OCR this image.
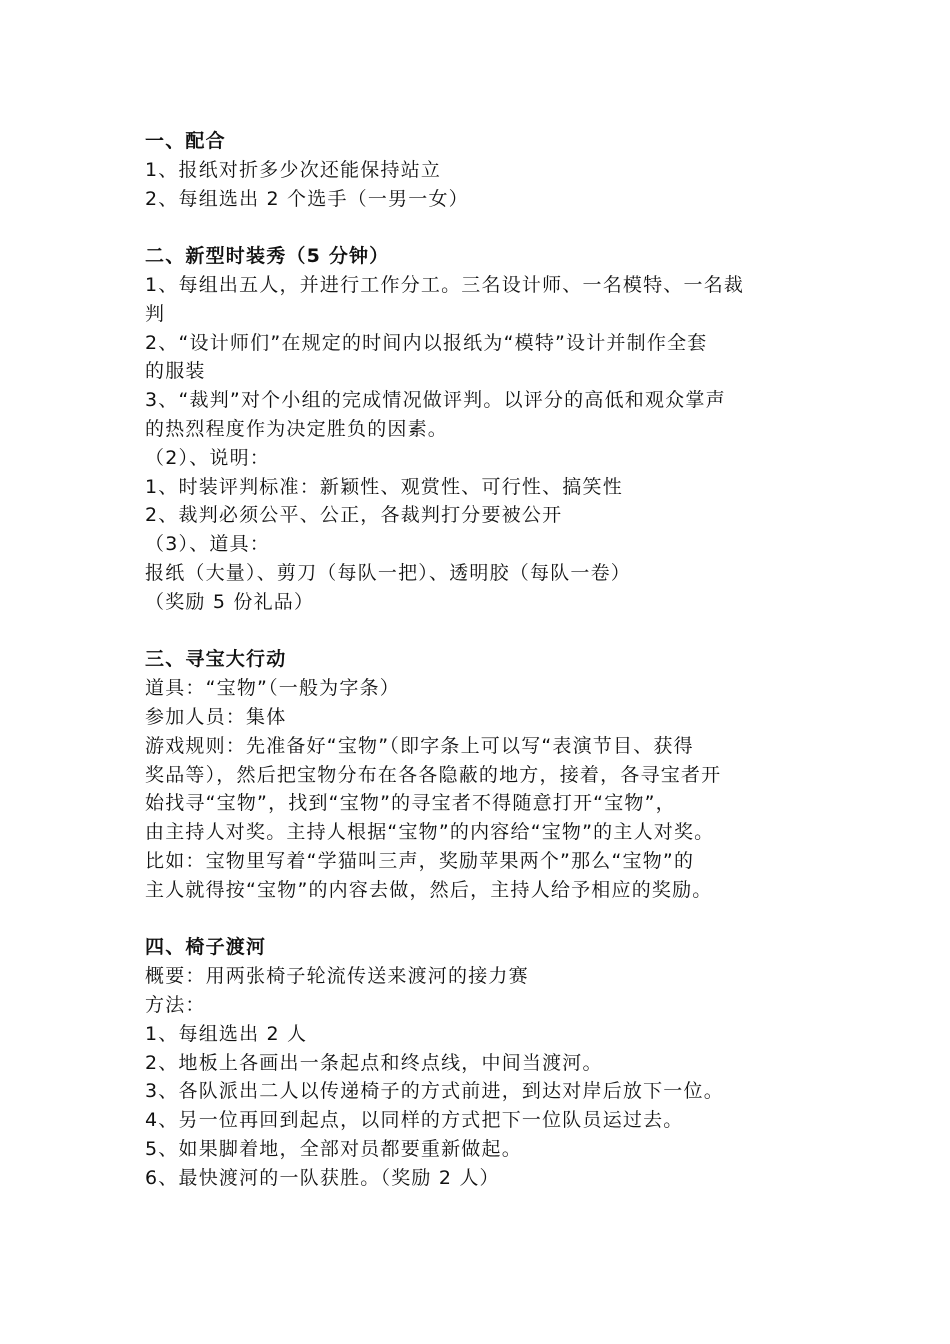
一、配合
1、报纸对折多少次还能保持站立
2、每组选出 2 个选手（一男一女）
二、新型时装秀（5 分钟）
1、每组出五人，并进行工作分工。三名设计师、一名模特、一名裁
判
2、“设计师们”在规定的时间内以报纸为“模特”设计并制作全套
的服装
3、“裁判”对个小组的完成情况做评判。以评分的高低和观众掌声
的热烈程度作为决定胜负的因素。
（2）、说明：
1、时装评判标准：新颖性、观赏性、可行性、搞笑性
2、裁判必须公平、公正，各裁判打分要被公开
（3）、道具：
报纸（大量）、剪刀（每队一把）、透明胶（每队一卷）
（奖励 5 份礼品）
三、寻宝大行动
道具：“宝物”（一般为字条）
参加人员：集体
游戏规则：先准备好“宝物”（即字条上可以写“表演节目、获得
奖品等），然后把宝物分布在各各隐蔽的地方，接着，各寻宝者开
始找寻“宝物”，找到“宝物”的寻宝者不得随意打开“宝物”，
由主持人对奖。主持人根据“宝物”的内容给“宝物”的主人对奖。
比如：宝物里写着“学猫叫三声，奖励苹果两个”那么“宝物”的
主人就得按“宝物”的内容去做，然后，主持人给予相应的奖励。
四、椅子渡河
概要：用两张椅子轮流传送来渡河的接力赛
方法：
1、每组选出 2 人
2、地板上各画出一条起点和终点线，中间当渡河。
3、各队派出二人以传递椅子的方式前进，到达对岸后放下一位。
4、另一位再回到起点，以同样的方式把下一位队员运过去。
5、如果脚着地，全部对员都要重新做起。
6、最快渡河的一队获胜。（奖励 2 人）
